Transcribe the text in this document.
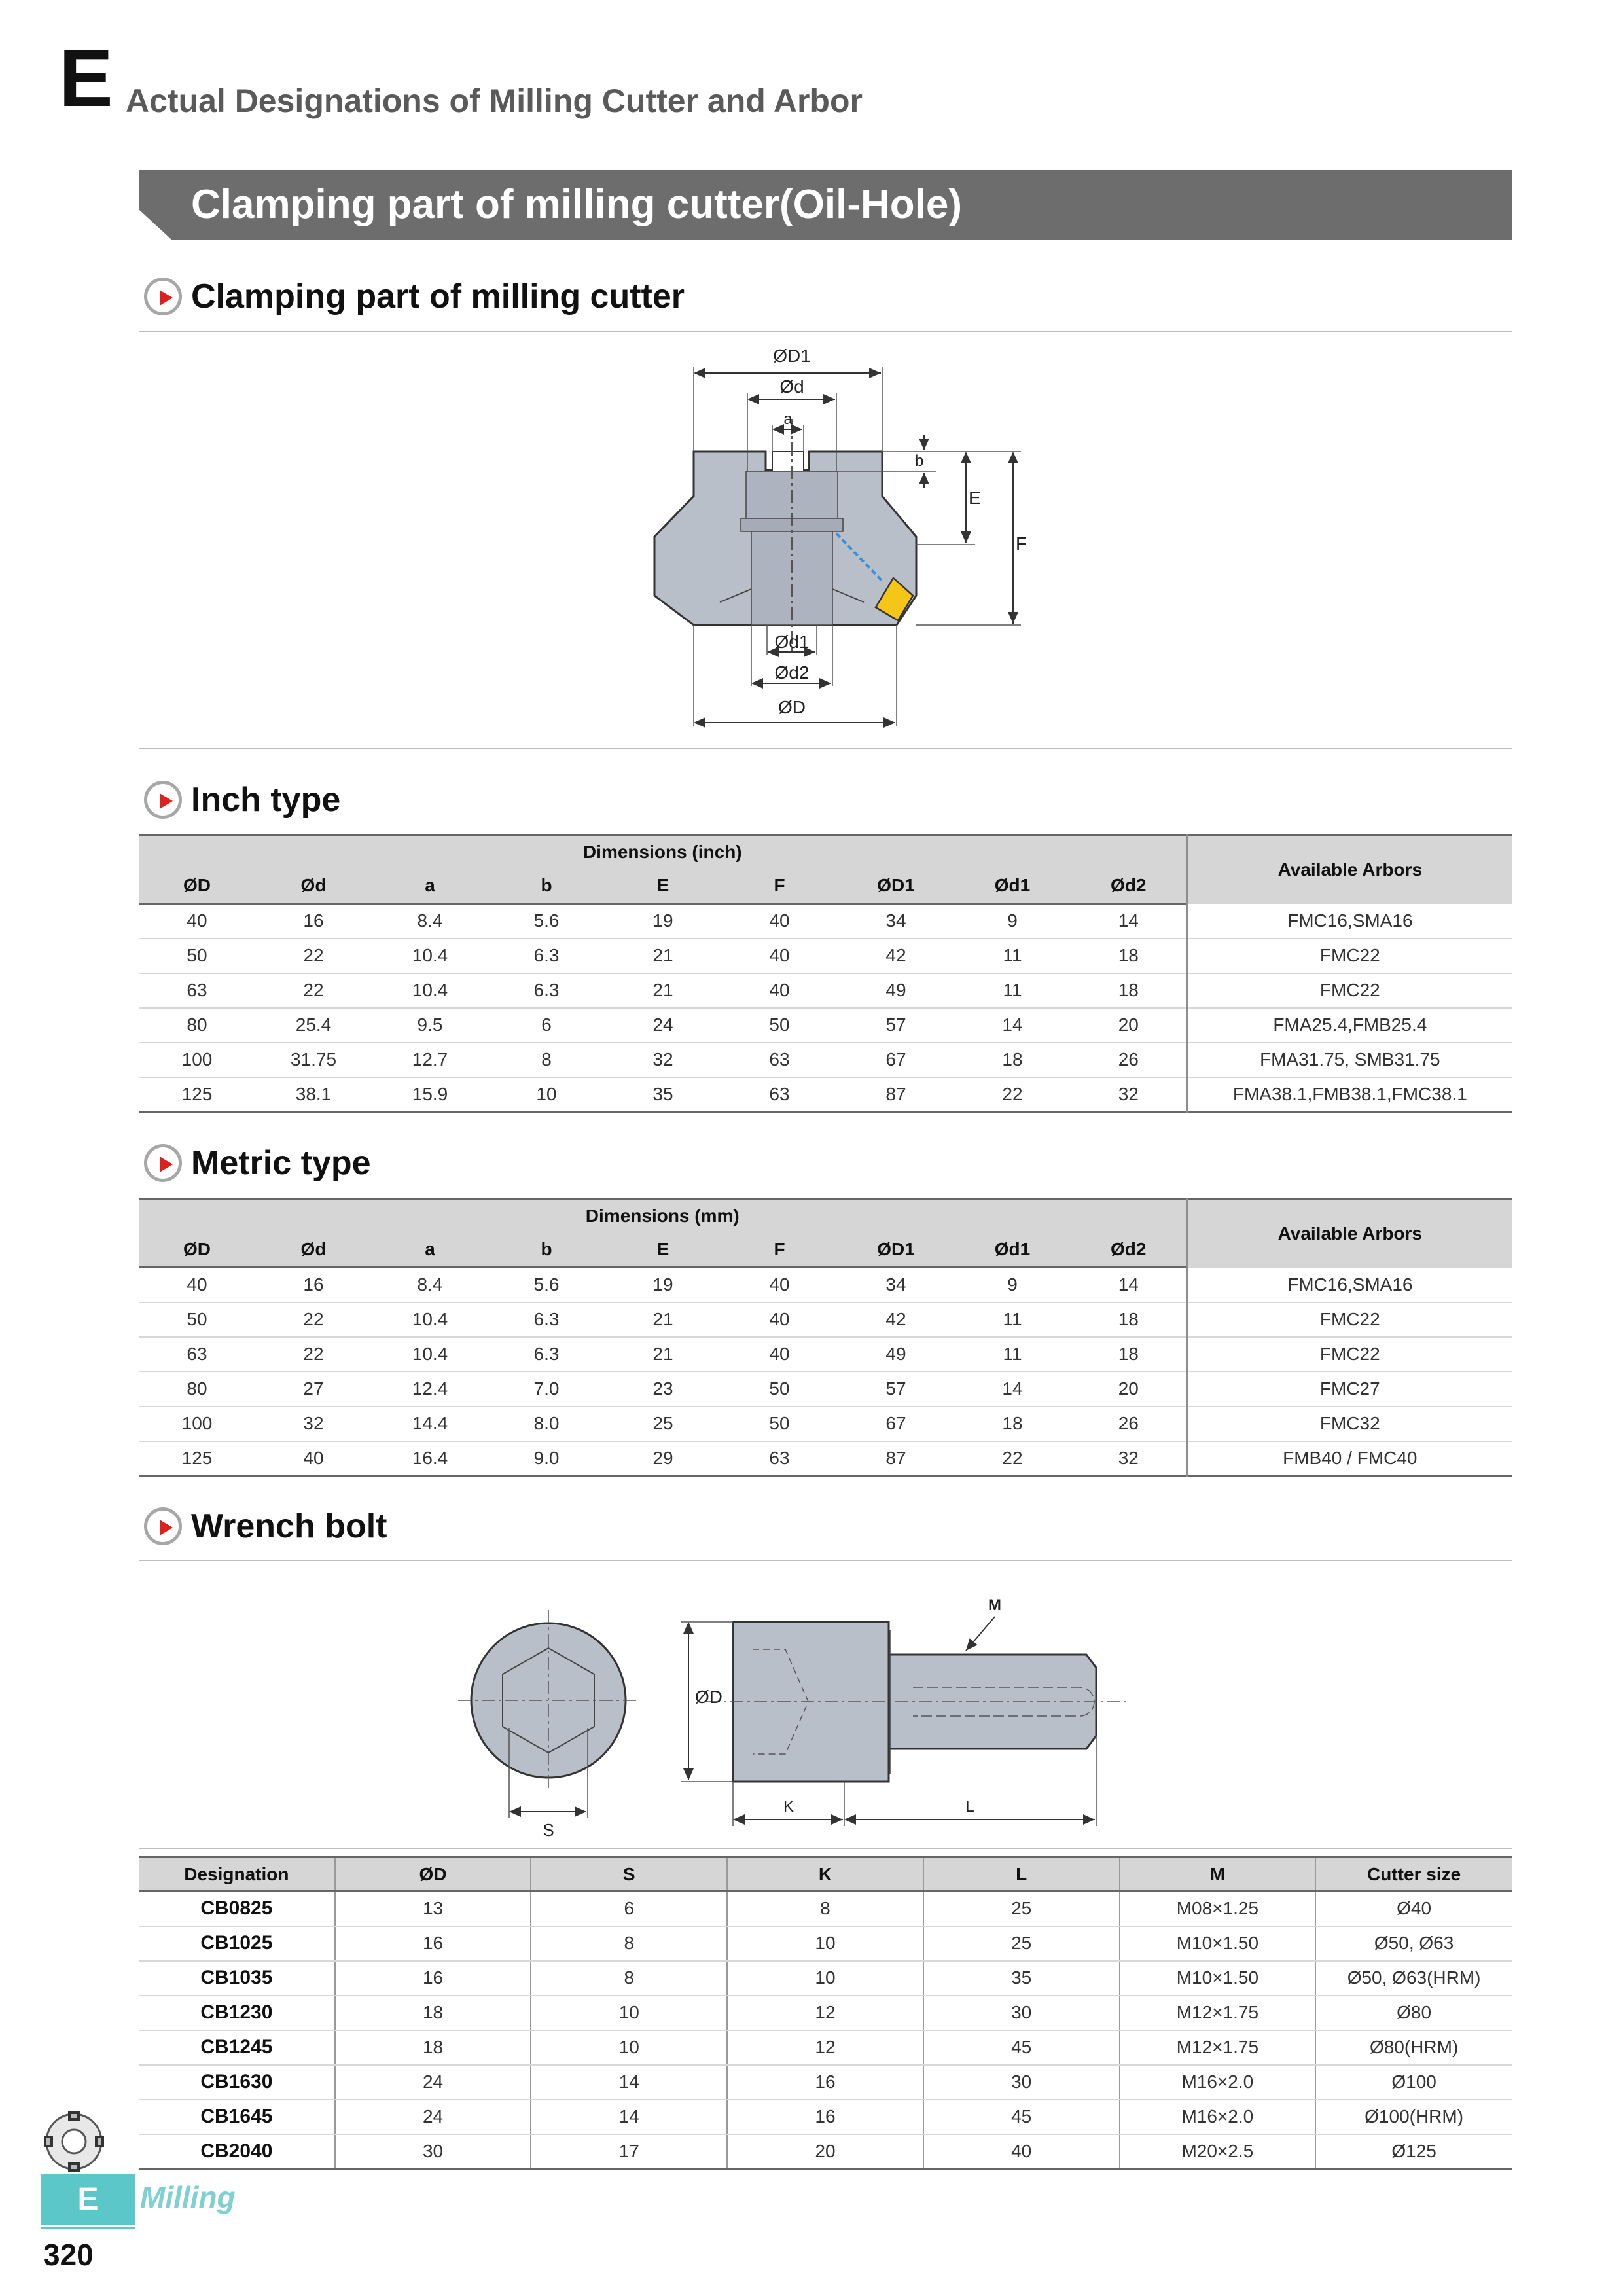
E Actual Designations of Milling Cutter and Arbor
Clamping part of milling cutter(Oil-Hole)
Clamping part of milling cutter
ØD1
Ød
a
b
E
F
Ød1
Ød2
ØD
Inch type
Dimensions (inch)									Available Arbors
ØD	Ød	a	b	E	F	ØD1	Ød1	Ød2	
40	16	8.4	5.6	19	40	34	9	14	FMC16,SMA16
50	22	10.4	6.3	21	40	42	11	18	FMC22
63	22	10.4	6.3	21	40	49	11	18	FMC22
80	25.4	9.5	6	24	50	57	14	20	FMA25.4,FMB25.4
100	31.75	12.7	8	32	63	67	18	26	FMA31.75, SMB31.75
125	38.1	15.9	10	35	63	87	22	32	FMA38.1,FMB38.1,FMC38.1
Metric type
Dimensions (mm)									Available Arbors
ØD	Ød	a	b	E	F	ØD1	Ød1	Ød2	
40	16	8.4	5.6	19	40	34	9	14	FMC16,SMA16
50	22	10.4	6.3	21	40	42	11	18	FMC22
63	22	10.4	6.3	21	40	49	11	18	FMC22
80	27	12.4	7.0	23	50	57	14	20	FMC27
100	32	14.4	8.0	25	50	67	18	26	FMC32
125	40	16.4	9.0	29	63	87	22	32	FMB40 / FMC40
Wrench bolt
S
ØD
M
K	L
Designation	ØD	S	K	L	M	Cutter size
CB0825	13	6	8	25	M08×1.25	Ø40
CB1025	16	8	10	25	M10×1.50	Ø50, Ø63
CB1035	16	8	10	35	M10×1.50	Ø50, Ø63(HRM)
CB1230	18	10	12	30	M12×1.75	Ø80
CB1245	18	10	12	45	M12×1.75	Ø80(HRM)
CB1630	24	14	16	30	M16×2.0	Ø100
CB1645	24	14	16	45	M16×2.0	Ø100(HRM)
CB2040	30	17	20	40	M20×2.5	Ø125
E	Milling
320
